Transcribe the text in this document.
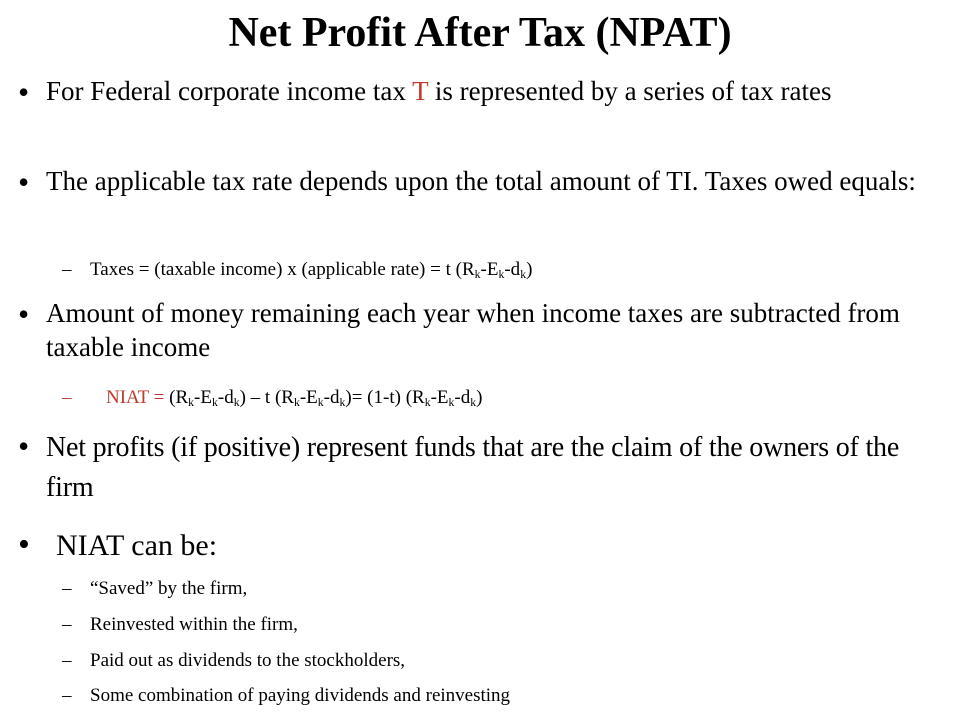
Net Profit After Tax (NPAT)
• For Federal corporate income tax T is represented by a series of tax rates
• The applicable tax rate depends upon the total amount of TI. Taxes owed equals:
– Taxes = (taxable income) x (applicable rate) = t $(R_k-E_k-d_k)$
• Amount of money remaining each year when income taxes are subtracted from taxable income
– NIAT = $(R_k-E_k-d_k)$ – t $(R_k-E_k-d_k)= (1-t)$ $(R_k-E_k-d_k)$
• Net profits (if positive) represent funds that are the claim of the owners of the firm
• NIAT can be:
– “Saved” by the firm,
– Reinvested within the firm,
– Paid out as dividends to the stockholders,
– Some combination of paying dividends and reinvesting
